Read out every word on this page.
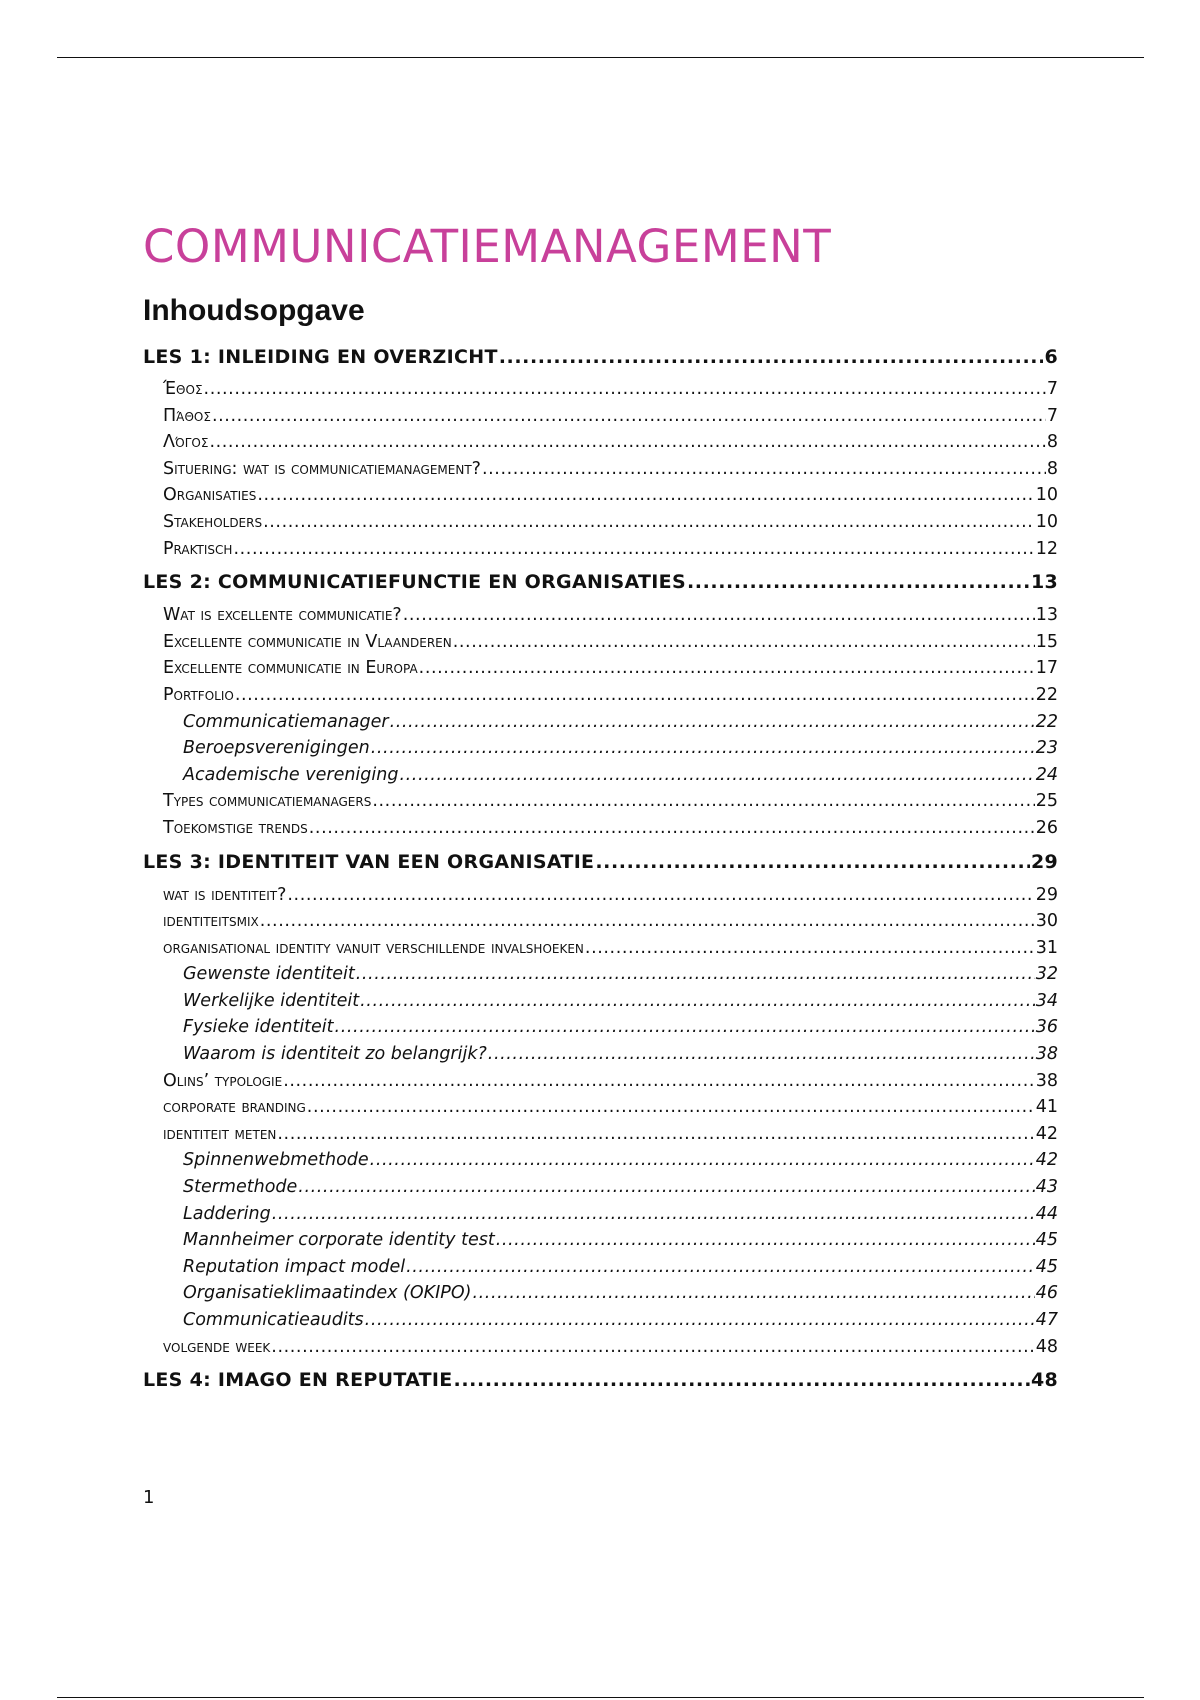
COMMUNICATIEMANAGEMENT
Inhoudsopgave
LES 1: INLEIDING EN OVERZICHT .....	6
Έθος .....	7
Πάθος .....	7
Λόγος .....	8
Situering: wat is communicatiemanagement? .....	8
Organisaties .....	10
Stakeholders .....	10
Praktisch .....	12
LES 2: COMMUNICATIEFUNCTIE EN ORGANISATIES .....	13
Wat is excellente communicatie? .....	13
Excellente communicatie in Vlaanderen .....	15
Excellente communicatie in Europa .....	17
Portfolio .....	22
Communicatiemanager .....	22
Beroepsverenigingen .....	23
Academische vereniging .....	24
Types communicatiemanagers .....	25
Toekomstige trends .....	26
LES 3: IDENTITEIT VAN EEN ORGANISATIE .....	29
wat is identiteit? .....	29
identiteitsmix .....	30
organisational identity vanuit verschillende invalshoeken .....	31
Gewenste identiteit .....	32
Werkelijke identiteit .....	34
Fysieke identiteit .....	36
Waarom is identiteit zo belangrijk? .....	38
Olins’ typologie .....	38
corporate branding .....	41
identiteit meten .....	42
Spinnenwebmethode .....	42
Stermethode .....	43
Laddering .....	44
Mannheimer corporate identity test .....	45
Reputation impact model .....	45
Organisatieklimaatindex (OKIPO) .....	46
Communicatieaudits .....	47
volgende week .....	48
LES 4: IMAGO EN REPUTATIE .....	48
1
